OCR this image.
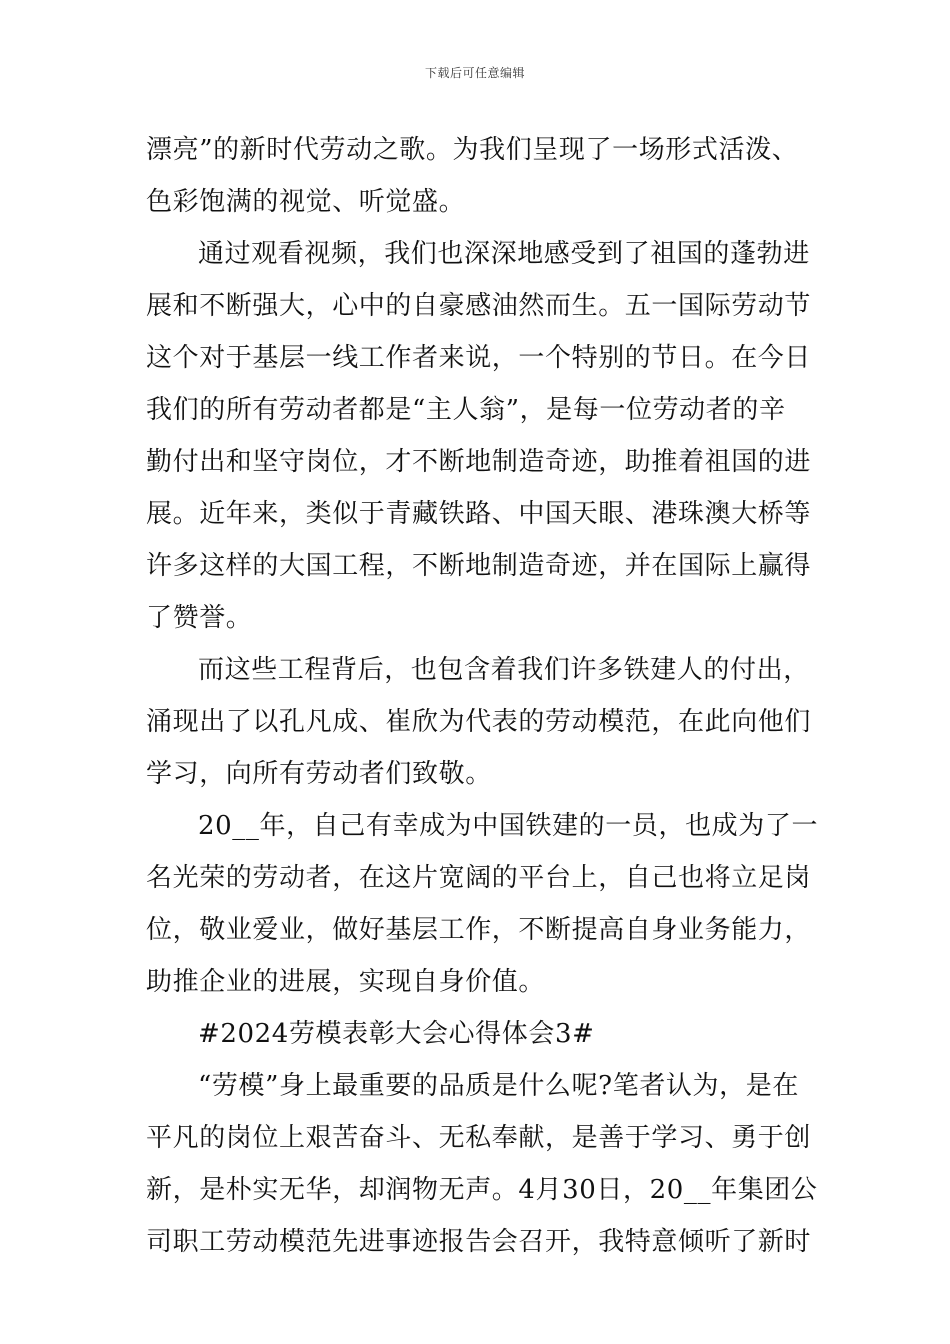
下载后可任意编辑
漂亮”的新时代劳动之歌。为我们呈现了一场形式活泼、
色彩饱满的视觉、听觉盛。
通过观看视频，我们也深深地感受到了祖国的蓬勃进
展和不断强大，心中的自豪感油然而生。五一国际劳动节
这个对于基层一线工作者来说，一个特别的节日。在今日
我们的所有劳动者都是“主人翁”，是每一位劳动者的辛
勤付出和坚守岗位，才不断地制造奇迹，助推着祖国的进
展。近年来，类似于青藏铁路、中国天眼、港珠澳大桥等
许多这样的大国工程，不断地制造奇迹，并在国际上赢得
了赞誉。
而这些工程背后，也包含着我们许多铁建人的付出，
涌现出了以孔凡成、崔欣为代表的劳动模范，在此向他们
学习，向所有劳动者们致敬。
20__年，自己有幸成为中国铁建的一员，也成为了一
名光荣的劳动者，在这片宽阔的平台上，自己也将立足岗
位，敬业爱业，做好基层工作，不断提高自身业务能力，
助推企业的进展，实现自身价值。
#2024劳模表彰大会心得体会3#
“劳模”身上最重要的品质是什么呢?笔者认为，是在
平凡的岗位上艰苦奋斗、无私奉献，是善于学习、勇于创
新，是朴实无华，却润物无声。4月30日，20__年集团公
司职工劳动模范先进事迹报告会召开，我特意倾听了新时
